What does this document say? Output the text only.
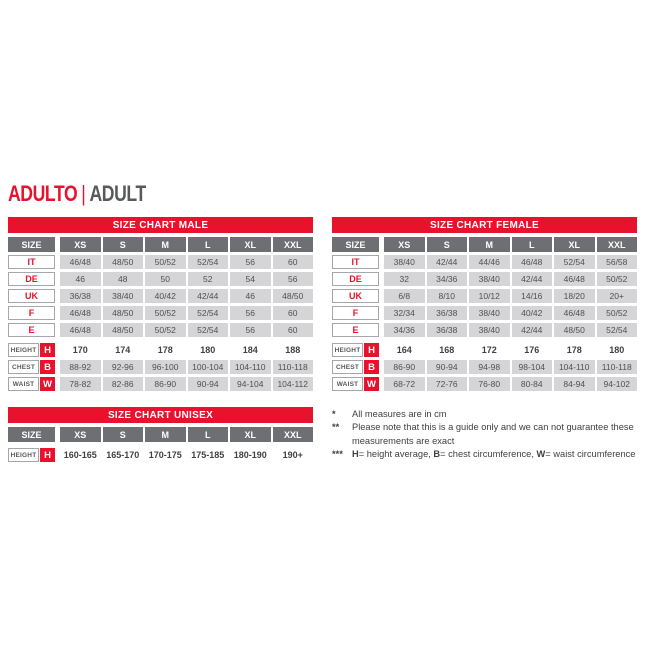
ADULTO | ADULT
SIZE CHART MALE
SIZE	XS	S	M	L	XL	XXL
IT	46/48	48/50	50/52	52/54	56	60
DE	46	48	50	52	54	56
UK	36/38	38/40	40/42	42/44	46	48/50
F	46/48	48/50	50/52	52/54	56	60
E	46/48	48/50	50/52	52/54	56	60
HEIGHT H	170	174	178	180	184	188
CHEST B	88-92	92-96	96-100	100-104	104-110	110-118
WAIST W	78-82	82-86	86-90	90-94	94-104	104-112
SIZE CHART FEMALE
SIZE	XS	S	M	L	XL	XXL
IT	38/40	42/44	44/46	46/48	52/54	56/58
DE	32	34/36	38/40	42/44	46/48	50/52
UK	6/8	8/10	10/12	14/16	18/20	20+
F	32/34	36/38	38/40	40/42	46/48	50/52
E	34/36	36/38	38/40	42/44	48/50	52/54
HEIGHT H	164	168	172	176	178	180
CHEST B	86-90	90-94	94-98	98-104	104-110	110-118
WAIST W	68-72	72-76	76-80	80-84	84-94	94-102
SIZE CHART UNISEX
SIZE	XS	S	M	L	XL	XXL
HEIGHT H	160-165	165-170	170-175	175-185	180-190	190+
*	All measures are in cm
**	Please note that this is a guide only and we can not guarantee these measurements are exact
*** H= height average, B= chest circumference, W= waist circumference
